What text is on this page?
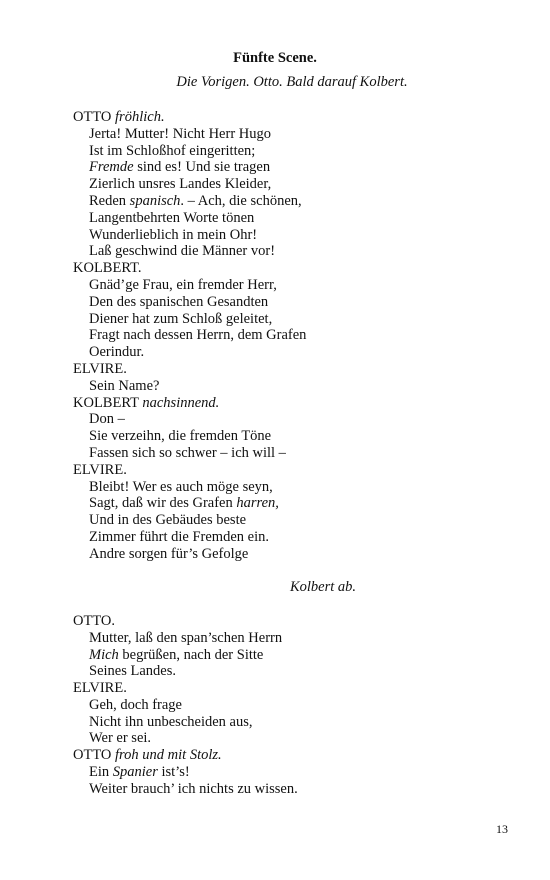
Fünfte Scene.
Die Vorigen. Otto. Bald darauf Kolbert.
OTTO fröhlich.
Jerta! Mutter! Nicht Herr Hugo
Ist im Schloßhof eingeritten;
Fremde sind es! Und sie tragen
Zierlich unsres Landes Kleider,
Reden spanisch. – Ach, die schönen,
Langentbehrten Worte tönen
Wunderlieblich in mein Ohr!
Laß geschwind die Männer vor!
KOLBERT.
Gnäd’ge Frau, ein fremder Herr,
Den des spanischen Gesandten
Diener hat zum Schloß geleitet,
Fragt nach dessen Herrn, dem Grafen
Oerindur.
ELVIRE.
Sein Name?
KOLBERT nachsinnend.
Don –
Sie verzeihn, die fremden Töne
Fassen sich so schwer – ich will –
ELVIRE.
Bleibt! Wer es auch möge seyn,
Sagt, daß wir des Grafen harren,
Und in des Gebäudes beste
Zimmer führt die Fremden ein.
Andre sorgen für’s Gefolge
Kolbert ab.
OTTO.
Mutter, laß den span’schen Herrn
Mich begrüßen, nach der Sitte
Seines Landes.
ELVIRE.
Geh, doch frage
Nicht ihn unbescheiden aus,
Wer er sei.
OTTO froh und mit Stolz.
Ein Spanier ist’s!
Weiter brauch’ ich nichts zu wissen.
13
